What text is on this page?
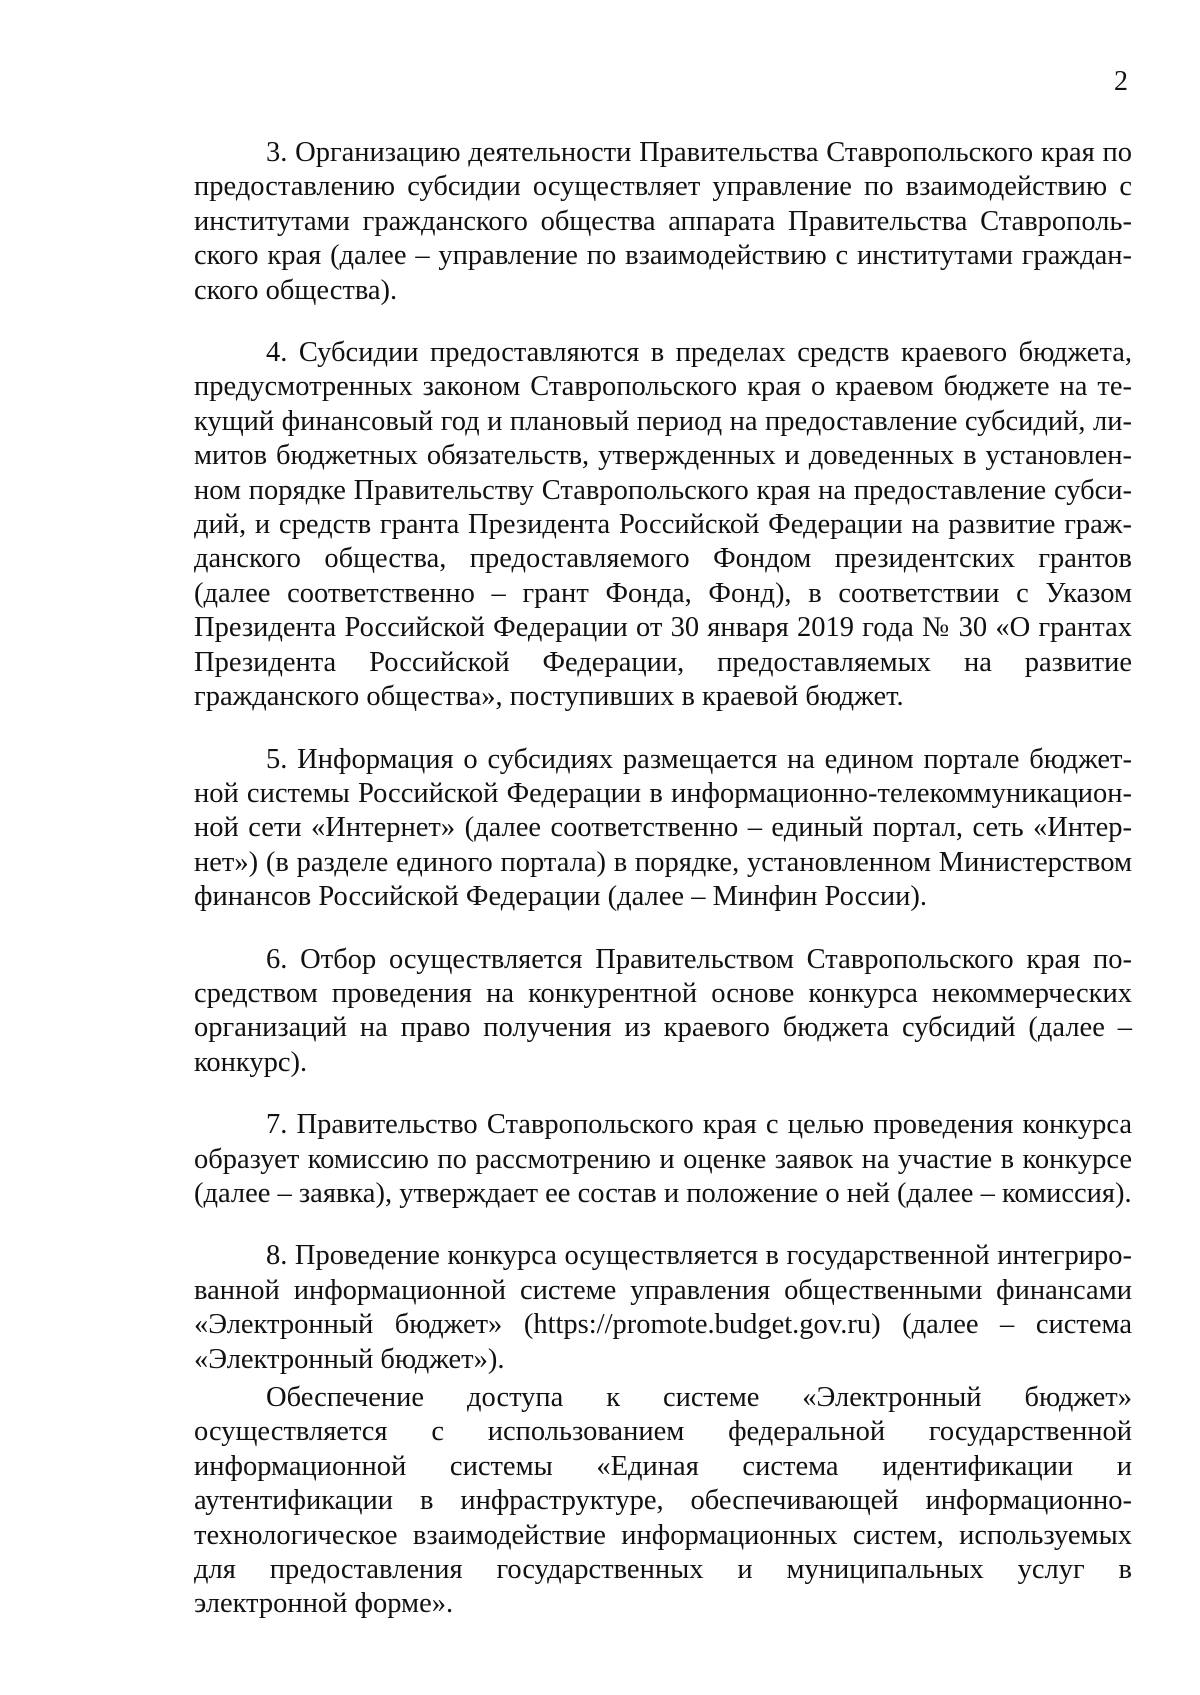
2

3. Организацию деятельности Правительства Ставропольского края по предоставлению субсидии осуществляет управление по взаимодействию с институтами гражданского общества аппарата Правительства Ставропольского края (далее – управление по взаимодействию с институтами гражданского общества).

4. Субсидии предоставляются в пределах средств краевого бюджета, предусмотренных законом Ставропольского края о краевом бюджете на текущий финансовый год и плановый период на предоставление субсидий, лимитов бюджетных обязательств, утвержденных и доведенных в установленном порядке Правительству Ставропольского края на предоставление субсидий, и средств гранта Президента Российской Федерации на развитие гражданского общества, предоставляемого Фондом президентских грантов (далее соответственно – грант Фонда, Фонд), в соответствии с Указом Президента Российской Федерации от 30 января 2019 года № 30 «О грантах Президента Российской Федерации, предоставляемых на развитие гражданского общества», поступивших в краевой бюджет.

5. Информация о субсидиях размещается на едином портале бюджетной системы Российской Федерации в информационно-телекоммуникационной сети «Интернет» (далее соответственно – единый портал, сеть «Интернет») (в разделе единого портала) в порядке, установленном Министерством финансов Российской Федерации (далее – Минфин России).

6. Отбор осуществляется Правительством Ставропольского края посредством проведения на конкурентной основе конкурса некоммерческих организаций на право получения из краевого бюджета субсидий (далее – конкурс).

7. Правительство Ставропольского края с целью проведения конкурса образует комиссию по рассмотрению и оценке заявок на участие в конкурсе (далее – заявка), утверждает ее состав и положение о ней (далее – комиссия).

8. Проведение конкурса осуществляется в государственной интегрированной информационной системе управления общественными финансами «Электронный бюджет» (https://promote.budget.gov.ru) (далее – система «Электронный бюджет»).

Обеспечение доступа к системе «Электронный бюджет» осуществляется с использованием федеральной государственной информационной системы «Единая система идентификации и аутентификации в инфраструктуре, обеспечивающей информационно-технологическое взаимодействие информационных систем, используемых для предоставления государственных и муниципальных услуг в электронной форме».
